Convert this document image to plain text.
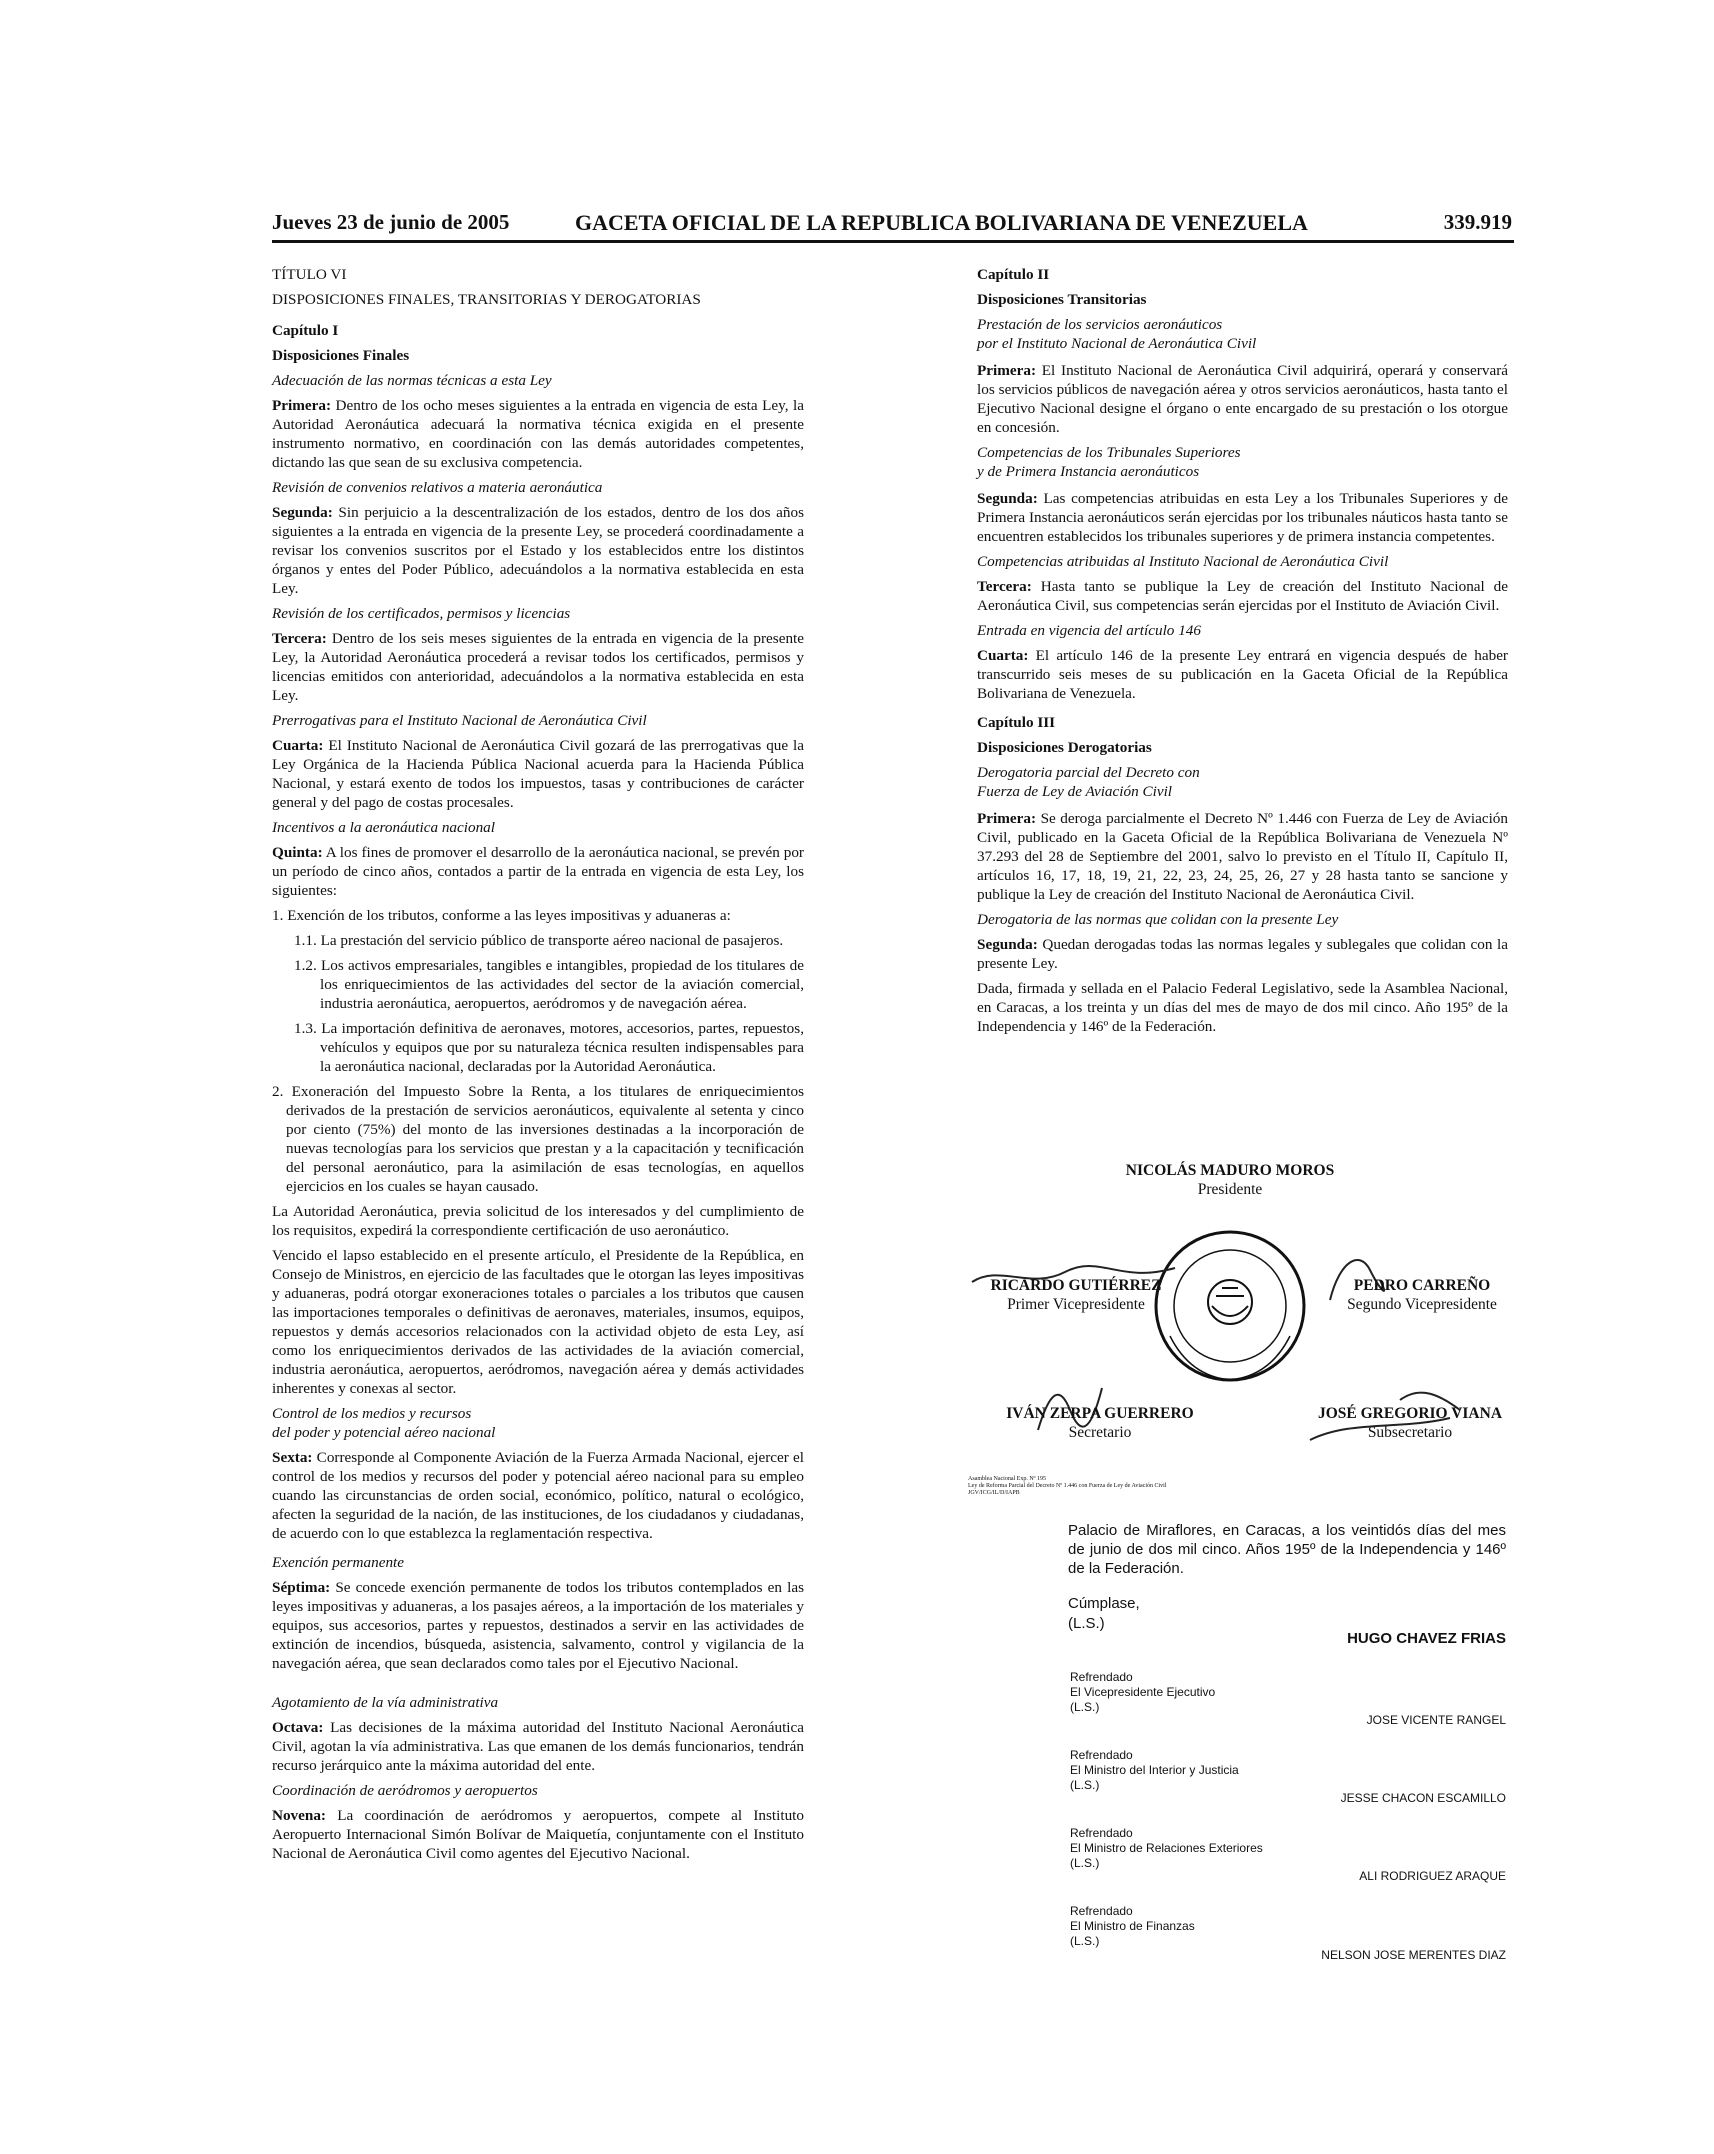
Jueves 23 de junio de 2005	GACETA OFICIAL DE LA REPUBLICA BOLIVARIANA DE VENEZUELA	339.919

TÍTULO VI

DISPOSICIONES FINALES, TRANSITORIAS Y DEROGATORIAS

Capítulo I

Disposiciones Finales

Adecuación de las normas técnicas a esta Ley

Primera: Dentro de los ocho meses siguientes a la entrada en vigencia de esta Ley, la Autoridad Aeronáutica adecuará la normativa técnica exigida en el presente instrumento normativo, en coordinación con las demás autoridades competentes, dictando las que sean de su exclusiva competencia.

Revisión de convenios relativos a materia aeronáutica

Segunda: Sin perjuicio a la descentralización de los estados, dentro de los dos años siguientes a la entrada en vigencia de la presente Ley, se procederá coordinadamente a revisar los convenios suscritos por el Estado y los establecidos entre los distintos órganos y entes del Poder Público, adecuándolos a la normativa establecida en esta Ley.

Revisión de los certificados, permisos y licencias

Tercera: Dentro de los seis meses siguientes de la entrada en vigencia de la presente Ley, la Autoridad Aeronáutica procederá a revisar todos los certificados, permisos y licencias emitidos con anterioridad, adecuándolos a la normativa establecida en esta Ley.

Prerrogativas para el Instituto Nacional de Aeronáutica Civil

Cuarta: El Instituto Nacional de Aeronáutica Civil gozará de las prerrogativas que la Ley Orgánica de la Hacienda Pública Nacional acuerda para la Hacienda Pública Nacional, y estará exento de todos los impuestos, tasas y contribuciones de carácter general y del pago de costas procesales.

Incentivos a la aeronáutica nacional

Quinta: A los fines de promover el desarrollo de la aeronáutica nacional, se prevén por un período de cinco años, contados a partir de la entrada en vigencia de esta Ley, los siguientes:

1. Exención de los tributos, conforme a las leyes impositivas y aduaneras a:

1.1. La prestación del servicio público de transporte aéreo nacional de pasajeros.

1.2. Los activos empresariales, tangibles e intangibles, propiedad de los titulares de los enriquecimientos de las actividades del sector de la aviación comercial, industria aeronáutica, aeropuertos, aeródromos y de navegación aérea.

1.3. La importación definitiva de aeronaves, motores, accesorios, partes, repuestos, vehículos y equipos que por su naturaleza técnica resulten indispensables para la aeronáutica nacional, declaradas por la Autoridad Aeronáutica.

2. Exoneración del Impuesto Sobre la Renta, a los titulares de enriquecimientos derivados de la prestación de servicios aeronáuticos, equivalente al setenta y cinco por ciento (75%) del monto de las inversiones destinadas a la incorporación de nuevas tecnologías para los servicios que prestan y a la capacitación y tecnificación del personal aeronáutico, para la asimilación de esas tecnologías, en aquellos ejercicios en los cuales se hayan causado.

La Autoridad Aeronáutica, previa solicitud de los interesados y del cumplimiento de los requisitos, expedirá la correspondiente certificación de uso aeronáutico.

Vencido el lapso establecido en el presente artículo, el Presidente de la República, en Consejo de Ministros, en ejercicio de las facultades que le otorgan las leyes impositivas y aduaneras, podrá otorgar exoneraciones totales o parciales a los tributos que causen las importaciones temporales o definitivas de aeronaves, materiales, insumos, equipos, repuestos y demás accesorios relacionados con la actividad objeto de esta Ley, así como los enriquecimientos derivados de las actividades de la aviación comercial, industria aeronáutica, aeropuertos, aeródromos, navegación aérea y demás actividades inherentes y conexas al sector.

Control de los medios y recursos

del poder y potencial aéreo nacional

Sexta: Corresponde al Componente Aviación de la Fuerza Armada Nacional, ejercer el control de los medios y recursos del poder y potencial aéreo nacional para su empleo cuando las circunstancias de orden social, económico, político, natural o ecológico, afecten la seguridad de la nación, de las instituciones, de los ciudadanos y ciudadanas, de acuerdo con lo que establezca la reglamentación respectiva.

Exención permanente

Séptima: Se concede exención permanente de todos los tributos contemplados en las leyes impositivas y aduaneras, a los pasajes aéreos, a la importación de los materiales y equipos, sus accesorios, partes y repuestos, destinados a servir en las actividades de extinción de incendios, búsqueda, asistencia, salvamento, control y vigilancia de la navegación aérea, que sean declarados como tales por el Ejecutivo Nacional.

Agotamiento de la vía administrativa

Octava: Las decisiones de la máxima autoridad del Instituto Nacional Aeronáutica Civil, agotan la vía administrativa. Las que emanen de los demás funcionarios, tendrán recurso jerárquico ante la máxima autoridad del ente.

Coordinación de aeródromos y aeropuertos

Novena: La coordinación de aeródromos y aeropuertos, compete al Instituto Aeropuerto Internacional Simón Bolívar de Maiquetía, conjuntamente con el Instituto Nacional de Aeronáutica Civil como agentes del Ejecutivo Nacional.

Capítulo II

Disposiciones Transitorias

Prestación de los servicios aeronáuticos

por el Instituto Nacional de Aeronáutica Civil

Primera: El Instituto Nacional de Aeronáutica Civil adquirirá, operará y conservará los servicios públicos de navegación aérea y otros servicios aeronáuticos, hasta tanto el Ejecutivo Nacional designe el órgano o ente encargado de su prestación o los otorgue en concesión.

Competencias de los Tribunales Superiores

y de Primera Instancia aeronáuticos

Segunda: Las competencias atribuidas en esta Ley a los Tribunales Superiores y de Primera Instancia aeronáuticos serán ejercidas por los tribunales náuticos hasta tanto se encuentren establecidos los tribunales superiores y de primera instancia competentes.

Competencias atribuidas al Instituto Nacional de Aeronáutica Civil

Tercera: Hasta tanto se publique la Ley de creación del Instituto Nacional de Aeronáutica Civil, sus competencias serán ejercidas por el Instituto de Aviación Civil.

Entrada en vigencia del artículo 146

Cuarta: El artículo 146 de la presente Ley entrará en vigencia después de haber transcurrido seis meses de su publicación en la Gaceta Oficial de la República Bolivariana de Venezuela.

Capítulo III

Disposiciones Derogatorias

Derogatoria parcial del Decreto con

Fuerza de Ley de Aviación Civil

Primera: Se deroga parcialmente el Decreto Nº 1.446 con Fuerza de Ley de Aviación Civil, publicado en la Gaceta Oficial de la República Bolivariana de Venezuela Nº 37.293 del 28 de Septiembre del 2001, salvo lo previsto en el Título II, Capítulo II, artículos 16, 17, 18, 19, 21, 22, 23, 24, 25, 26, 27 y 28 hasta tanto se sancione y publique la Ley de creación del Instituto Nacional de Aeronáutica Civil.

Derogatoria de las normas que colidan con la presente Ley

Segunda: Quedan derogadas todas las normas legales y sublegales que colidan con la presente Ley.

Dada, firmada y sellada en el Palacio Federal Legislativo, sede la Asamblea Nacional, en Caracas, a los treinta y un días del mes de mayo de dos mil cinco. Año 195º de la Independencia y 146º de la Federación.

NICOLÁS MADURO MOROS
Presidente
RICARDO GUTIÉRREZ
Primer Vicepresidente
PEDRO CARREÑO
Segundo Vicepresidente
IVÁN ZERPA GUERRERO
Secretario
JOSÉ GREGORIO VIANA
Subsecretario
Asamblea Nacional Exp. Nº 195
Ley de Reforma Parcial del Decreto Nº 1.446 con Fuerza de Ley de Aviación Civil
JGV/ICG/IL/D/IAPB
Palacio de Miraflores, en Caracas, a los veintidós días del mes de junio de dos mil cinco. Años 195º de la Independencia y 146º de la Federación.
Cúmplase,
(L.S.)
HUGO CHAVEZ FRIAS
Refrendado
El Vicepresidente Ejecutivo
(L.S.)
JOSE VICENTE RANGEL
Refrendado
El Ministro del Interior y Justicia
(L.S.)
JESSE CHACON ESCAMILLO
Refrendado
El Ministro de Relaciones Exteriores
(L.S.)
ALI RODRIGUEZ ARAQUE
Refrendado
El Ministro de Finanzas
(L.S.)
NELSON JOSE MERENTES DIAZ
